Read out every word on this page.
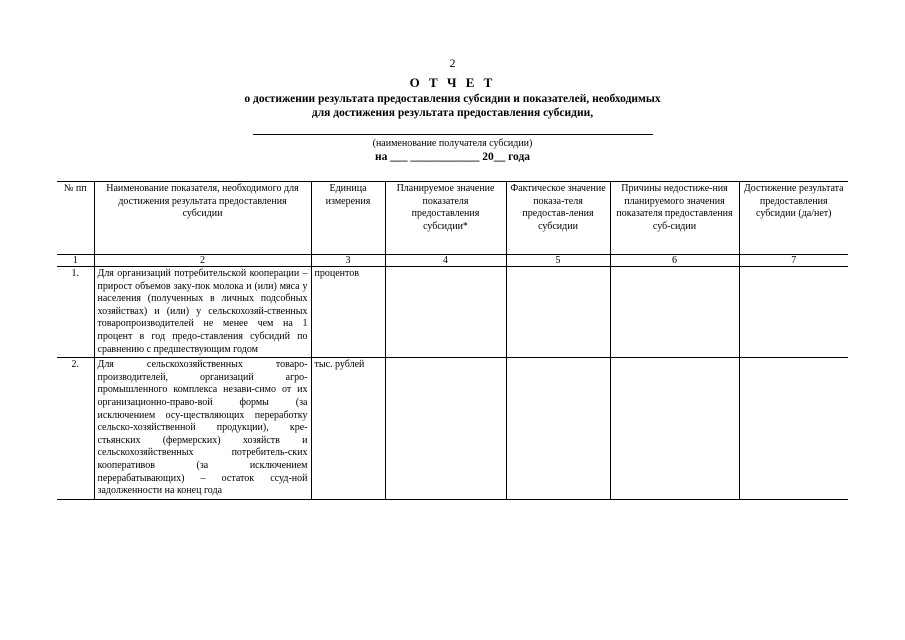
2
О Т Ч Е Т
о достижении результата предоставления субсидии и показателей, необходимых
для достижения результата предоставления субсидии,
(наименование получателя субсидии)
на ___ ____________ 20__ года
№ пп	Наименование показателя, необходимого для достижения результата предоставления субсидии	Единица измерения	Планируемое значение показателя предоставления субсидии*	Фактическое значение показа-теля предостав-ления субсидии	Причины недостиже-ния планируемого значения показателя предоставления суб-сидии	Достижение результата предоставления субсидии (да/нет)
1	2	3	4	5	6	7
1.	Для организаций потребительской кооперации – прирост объемов заку-пок молока и (или) мяса у населения (полученных в личных подсобных хозяйствах) и (или) у сельскохозяй-ственных товаропроизводителей не менее чем на 1 процент в год предо-ставления субсидий по сравнению с предшествующим годом	процентов				
2.	Для сельскохозяйственных товаро-производителей, организаций агро-промышленного комплекса незави-симо от их организационно-право-вой формы (за исключением осу-ществляющих переработку сельско-хозяйственной продукции), кре-стьянских (фермерских) хозяйств и сельскохозяйственных потребитель-ских кооперативов (за исключением перерабатывающих) – остаток ссуд-ной задолженности на конец года	тыс. рублей				
